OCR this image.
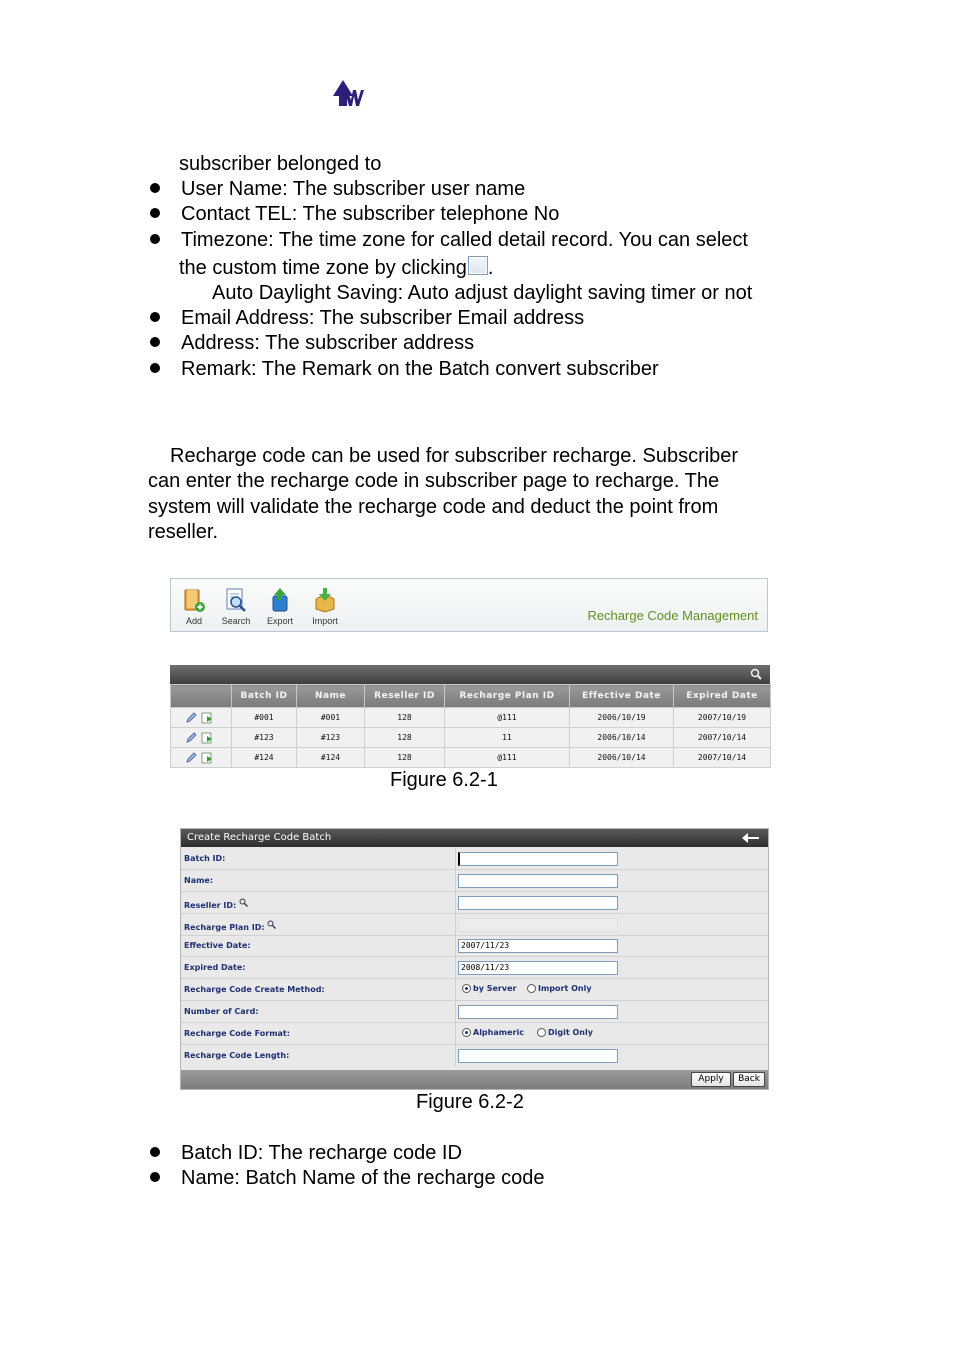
subscriber belonged to
User Name: The subscriber user name
Contact TEL: The subscriber telephone No
Timezone: The time zone for called detail record. You can select
the custom time zone by clicking .
Auto Daylight Saving: Auto adjust daylight saving timer or not
Email Address: The subscriber Email address
Address: The subscriber address
Remark: The Remark on the Batch convert subscriber
Recharge code can be used for subscriber recharge. Subscriber
can enter the recharge code in subscriber page to recharge. The
system will validate the recharge code and deduct the point from
reseller.
Add	Search	Export	Import	Recharge Code Management
	Batch ID	Name	Reseller ID	Recharge Plan ID	Effective Date	Expired Date
	#001	#001	128	@111	2006/10/19	2007/10/19
	#123	#123	128	11	2006/10/14	2007/10/14
	#124	#124	128	@111	2006/10/14	2007/10/14
Figure 6.2-1
Create Recharge Code Batch
Batch ID:
Name:
Reseller ID:
Recharge Plan ID:
Effective Date:	2007/11/23
Expired Date:	2008/11/23
Recharge Code Create Method:	by Server	Import Only
Number of Card:
Recharge Code Format:	Alphameric	Digit Only
Recharge Code Length:
Apply	Back
Figure 6.2-2
Batch ID: The recharge code ID
Name: Batch Name of the recharge code
